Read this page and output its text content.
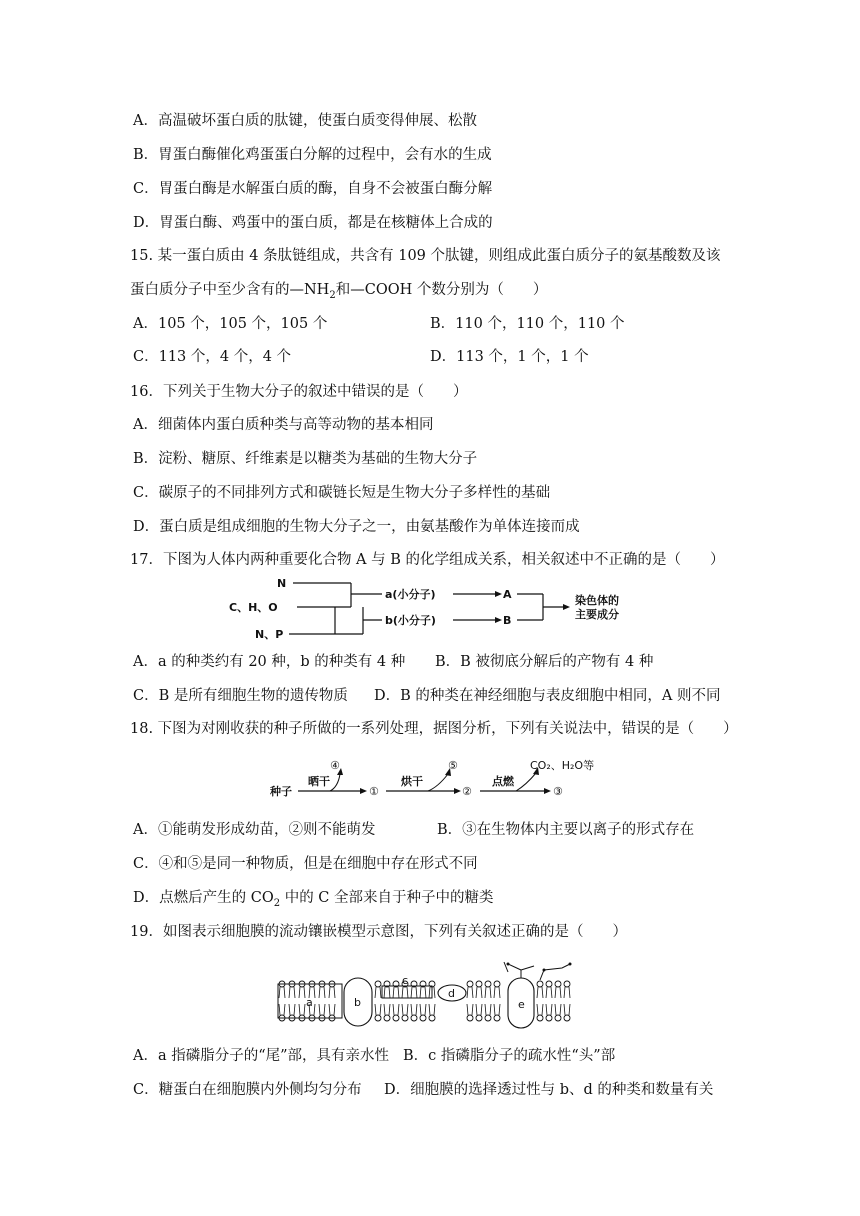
A．高温破坏蛋白质的肽键，使蛋白质变得伸展、松散
B．胃蛋白酶催化鸡蛋蛋白分解的过程中，会有水的生成
C．胃蛋白酶是水解蛋白质的酶，自身不会被蛋白酶分解
D．胃蛋白酶、鸡蛋中的蛋白质，都是在核糖体上合成的
15. 某一蛋白质由 4 条肽链组成，共含有 109 个肽键，则组成此蛋白质分子的氨基酸数及该
蛋白质分子中至少含有的$—NH_2$和—COOH 个数分别为（　　）
A．105 个，105 个，105 个	B．110 个，110 个，110 个
C．113 个，4 个，4 个	D．113 个，1 个，1 个
16．下列关于生物大分子的叙述中错误的是（　　）
A．细菌体内蛋白质种类与高等动物的基本相同
B．淀粉、糖原、纤维素是以糖类为基础的生物大分子
C．碳原子的不同排列方式和碳链长短是生物大分子多样性的基础
D．蛋白质是组成细胞的生物大分子之一，由氨基酸作为单体连接而成
17．下图为人体内两种重要化合物 A 与 B 的化学组成关系，相关叙述中不正确的是（　　）
N
C、H、O
N、P
a(小分子)
b(小分子)
A
B
染色体的
主要成分
A．a 的种类约有 20 种，b 的种类有 4 种 B．B 被彻底分解后的产物有 4 种
C．B 是所有细胞生物的遗传物质 D．B 的种类在神经细胞与表皮细胞中相同，A 则不同
18. 下图为对刚收获的种子所做的一系列处理，据图分析，下列有关说法中，错误的是（　　）
种子
晒干
④
①
烘干
⑤
②
点燃
CO₂、H₂O等
③
A．①能萌发形成幼苗，②则不能萌发	B．③在生物体内主要以离子的形式存在
C．④和⑤是同一种物质，但是在细胞中存在形式不同
D．点燃后产生的 $CO_2$ 中的 C 全部来自于种子中的糖类
19．如图表示细胞膜的流动镶嵌模型示意图，下列有关叙述正确的是（　　）
a	b
c
d
e
A．a 指磷脂分子的“尾”部，具有亲水性 B．c 指磷脂分子的疏水性“头”部
C．糖蛋白在细胞膜内外侧均匀分布 D．细胞膜的选择透过性与 b、d 的种类和数量有关
